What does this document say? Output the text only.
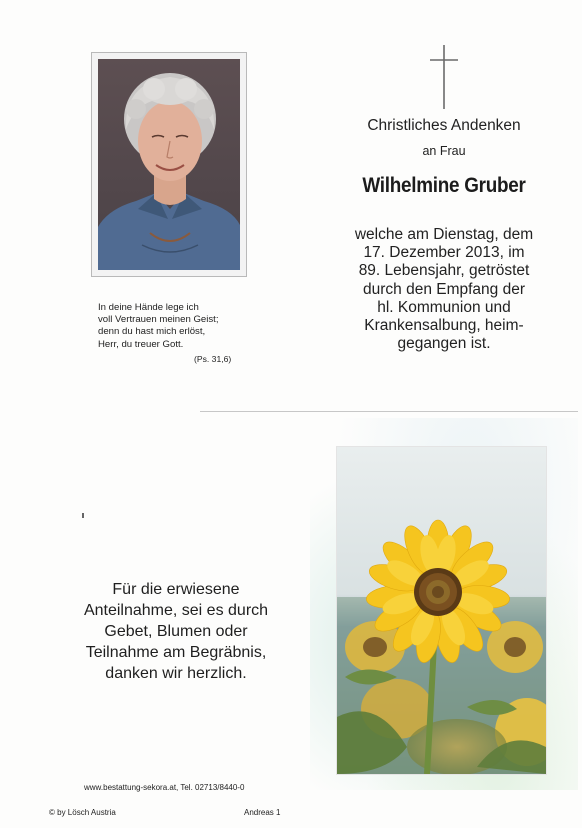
In deine Hände lege ich
voll Vertrauen meinen Geist;
denn du hast mich erlöst,
Herr, du treuer Gott.
(Ps. 31,6)
Christliches Andenken
an Frau
Wilhelmine Gruber
welche am Dienstag, dem
17. Dezember 2013, im
89. Lebensjahr, getröstet
durch den Empfang der
hl. Kommunion und
Krankensalbung, heim-
gegangen ist.
Für die erwiesene
Anteilnahme, sei es durch
Gebet, Blumen oder
Teilnahme am Begräbnis,
danken wir herzlich.
www.bestattung-sekora.at, Tel. 02713/8440-0
© by Lösch Austria	Andreas 1
